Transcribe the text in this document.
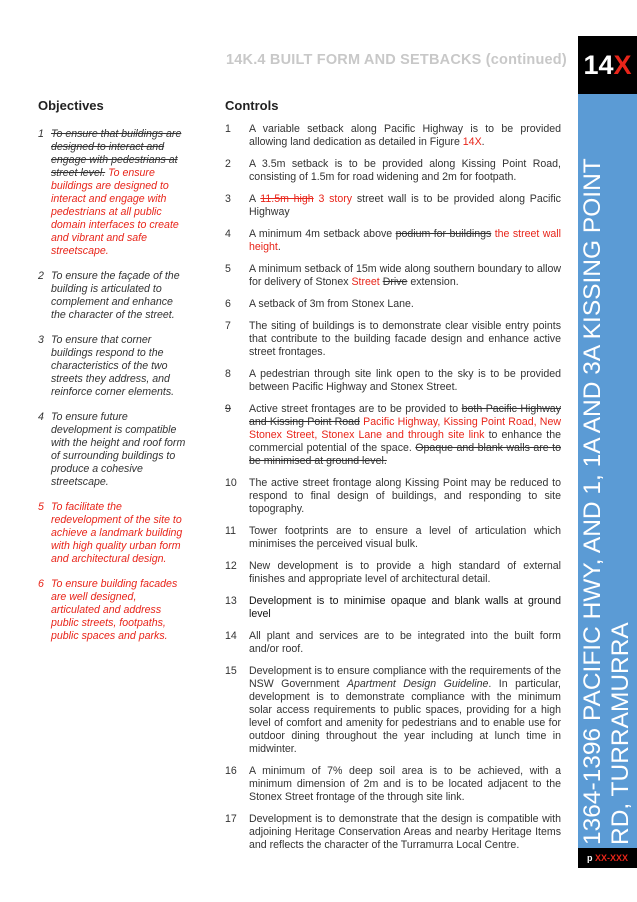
14K.4 BUILT FORM AND SETBACKS (continued) 14X
1364-1396 PACIFIC HWY, AND 1, 1A AND 3A KISSING POINT RD, TURRAMURRA
p XX-XXX
Objectives	Controls
1 To ensure that buildings are designed to interact and engage with pedestrians at street level. To ensure buildings are designed to interact and engage with pedestrians at all public domain interfaces to create and vibrant and safe streetscape.
2 To ensure the façade of the building is articulated to complement and enhance the character of the street.
3 To ensure that corner buildings respond to the characteristics of the two streets they address, and reinforce corner elements.
4 To ensure future development is compatible with the height and roof form of surrounding buildings to produce a cohesive streetscape.
5 To facilitate the redevelopment of the site to achieve a landmark building with high quality urban form and architectural design.
6 To ensure building facades are well designed, articulated and address public streets, footpaths, public spaces and parks.
1	A variable setback along Pacific Highway is to be provided allowing land dedication as detailed in Figure 14X.
2	A 3.5m setback is to be provided along Kissing Point Road, consisting of 1.5m for road widening and 2m for footpath.
3	A 11.5m high 3 story street wall is to be provided along Pacific Highway
4	A minimum 4m setback above podium for buildings the street wall height.
5	A minimum setback of 15m wide along southern boundary to allow for delivery of Stonex Street Drive extension.
6	A setback of 3m from Stonex Lane.
7	The siting of buildings is to demonstrate clear visible entry points that contribute to the building facade design and enhance active street frontages.
8	A pedestrian through site link open to the sky is to be provided between Pacific Highway and Stonex Street.
9	Active street frontages are to be provided to both Pacific Highway and Kissing Point Road Pacific Highway, Kissing Point Road, New Stonex Street, Stonex Lane and through site link to enhance the commercial potential of the space. Opaque and blank walls are to be minimised at ground level.
10	The active street frontage along Kissing Point may be reduced to respond to final design of buildings, and responding to site topography.
11	Tower footprints are to ensure a level of articulation which minimises the perceived visual bulk.
12	New development is to provide a high standard of external finishes and appropriate level of architectural detail.
13	Development is to minimise opaque and blank walls at ground level
14	All plant and services are to be integrated into the built form and/or roof.
15	Development is to ensure compliance with the requirements of the NSW Government Apartment Design Guideline. In particular, development is to demonstrate compliance with the minimum solar access requirements to public spaces, providing for a high level of comfort and amenity for pedestrians and to enable use for outdoor dining throughout the year including at lunch time in midwinter.
16	A minimum of 7% deep soil area is to be achieved, with a minimum dimension of 2m and is to be located adjacent to the Stonex Street frontage of the through site link.
17	Development is to demonstrate that the design is compatible with adjoining Heritage Conservation Areas and nearby Heritage Items and reflects the character of the Turramurra Local Centre.
